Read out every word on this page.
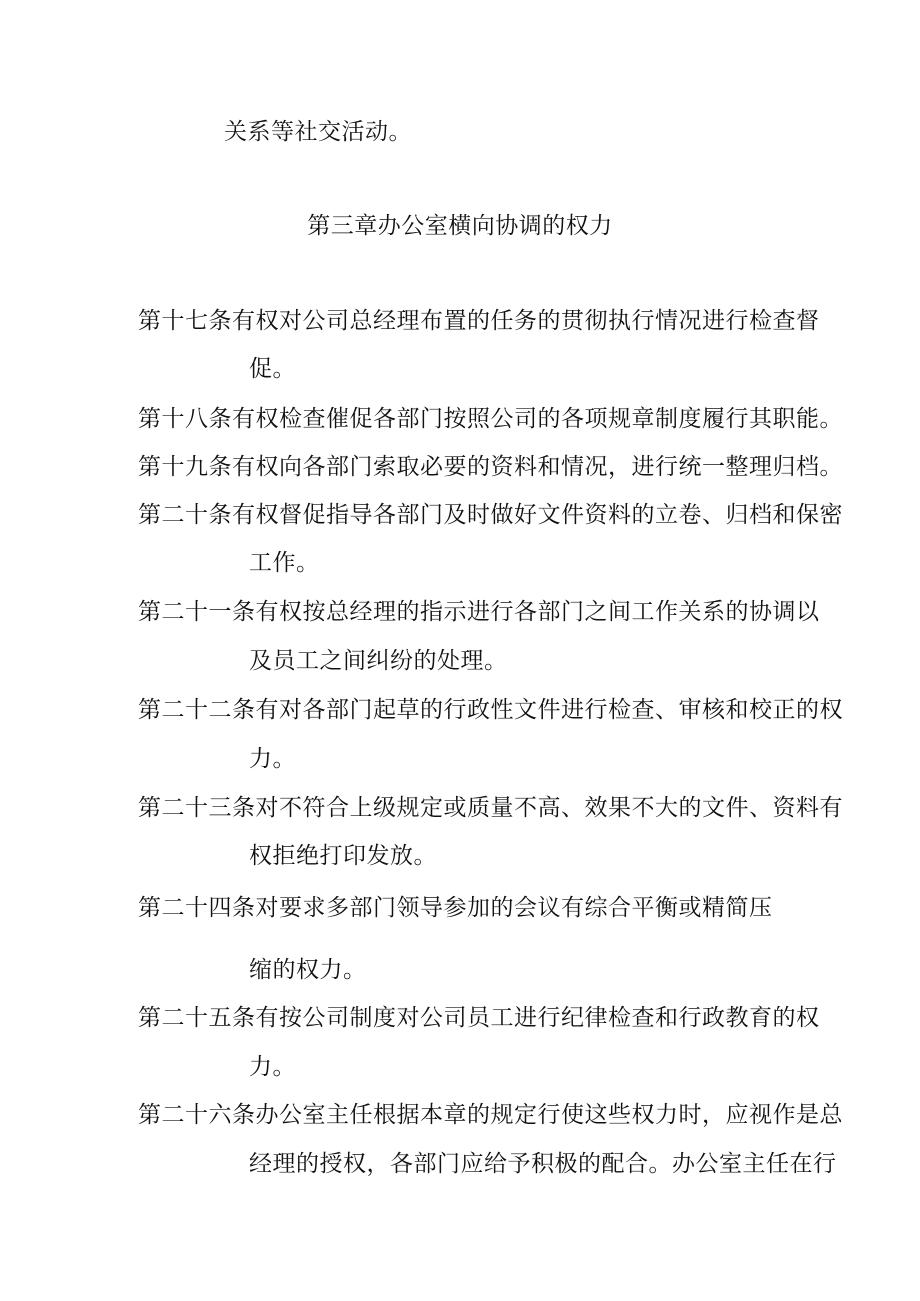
关系等社交活动。
第三章办公室横向协调的权力
第十七条有权对公司总经理布置的任务的贯彻执行情况进行检查督
促。
第十八条有权检查催促各部门按照公司的各项规章制度履行其职能。
第十九条有权向各部门索取必要的资料和情况，进行统一整理归档。
第二十条有权督促指导各部门及时做好文件资料的立卷、归档和保密
工作。
第二十一条有权按总经理的指示进行各部门之间工作关系的协调以
及员工之间纠纷的处理。
第二十二条有对各部门起草的行政性文件进行检查、审核和校正的权
力。
第二十三条对不符合上级规定或质量不高、效果不大的文件、资料有
权拒绝打印发放。
第二十四条对要求多部门领导参加的会议有综合平衡或精简压
缩的权力。
第二十五条有按公司制度对公司员工进行纪律检查和行政教育的权
力。
第二十六条办公室主任根据本章的规定行使这些权力时，应视作是总
经理的授权，各部门应给予积极的配合。办公室主任在行
